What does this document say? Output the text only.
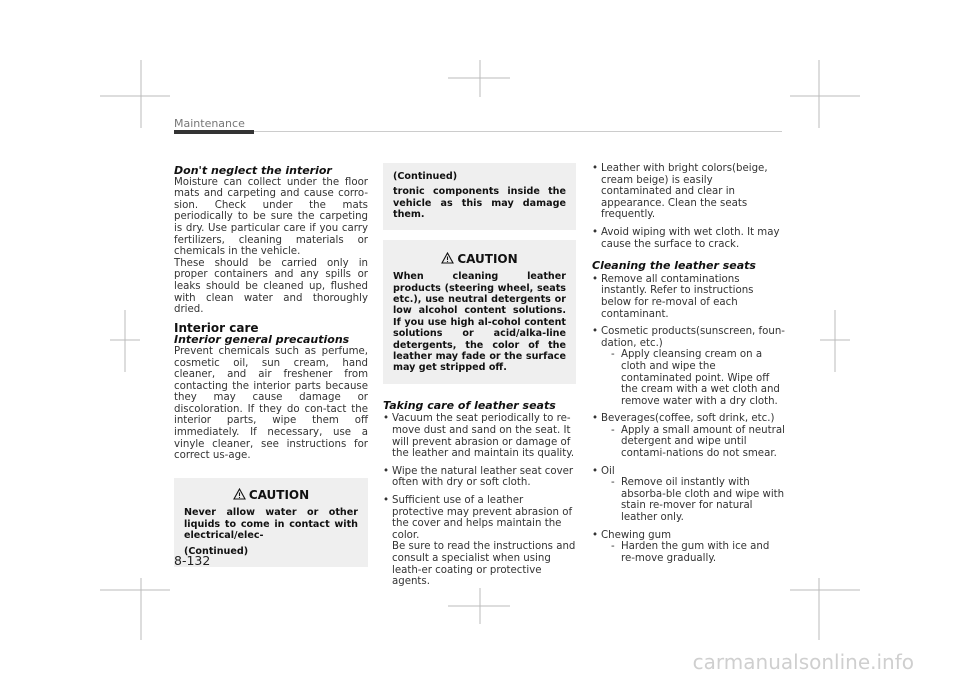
Maintenance
Don't neglect the interior

Moisture can collect under the floor mats and carpeting and cause corro-sion. Check under the mats periodically to be sure the carpeting is dry. Use particular care if you carry fertilizers, cleaning materials or chemicals in the vehicle.

These should be carried only in proper containers and any spills or leaks should be cleaned up, flushed with clean water and thoroughly dried.

Interior care
Interior general precautions

Prevent chemicals such as perfume, cosmetic oil, sun cream, hand cleaner, and air freshener from contacting the interior parts because they may cause damage or discoloration. If they do con-tact the interior parts, wipe them off immediately. If necessary, use a vinyle cleaner, see instructions for correct us-age.

CAUTION
Never allow water or other liquids to come in contact with electrical/elec-
(Continued)
(Continued)
tronic components inside the vehicle as this may damage them.
CAUTION
When cleaning leather products (steering wheel, seats etc.), use neutral detergents or low alcohol content solutions. If you use high al-cohol content solutions or acid/alka-line detergents, the color of the leather may fade or the surface may get stripped off.
Taking care of leather seats
• Vacuum the seat periodically to re-move dust and sand on the seat. It will prevent abrasion or damage of the leather and maintain its quality.
• Wipe the natural leather seat cover often with dry or soft cloth.
• Sufficient use of a leather protective may prevent abrasion of the cover and helps maintain the color.
Be sure to read the instructions and consult a specialist when using leath-er coating or protective agents.
• Leather with bright colors(beige, cream beige) is easily contaminated and clear in appearance. Clean the seats frequently.
• Avoid wiping with wet cloth. It may cause the surface to crack.
Cleaning the leather seats
• Remove all contaminations instantly. Refer to instructions below for re-moval of each contaminant.
• Cosmetic products(sunscreen, foun-dation, etc.)
- Apply cleansing cream on a cloth and wipe the contaminated point. Wipe off the cream with a wet cloth and remove water with a dry cloth.
• Beverages(coffee, soft drink, etc.)
- Apply a small amount of neutral detergent and wipe until contami-nations do not smear.
• Oil
- Remove oil instantly with absorba-ble cloth and wipe with stain re-mover for natural leather only.
• Chewing gum
- Harden the gum with ice and re-move gradually.
8-132
carmanualsonline.info
